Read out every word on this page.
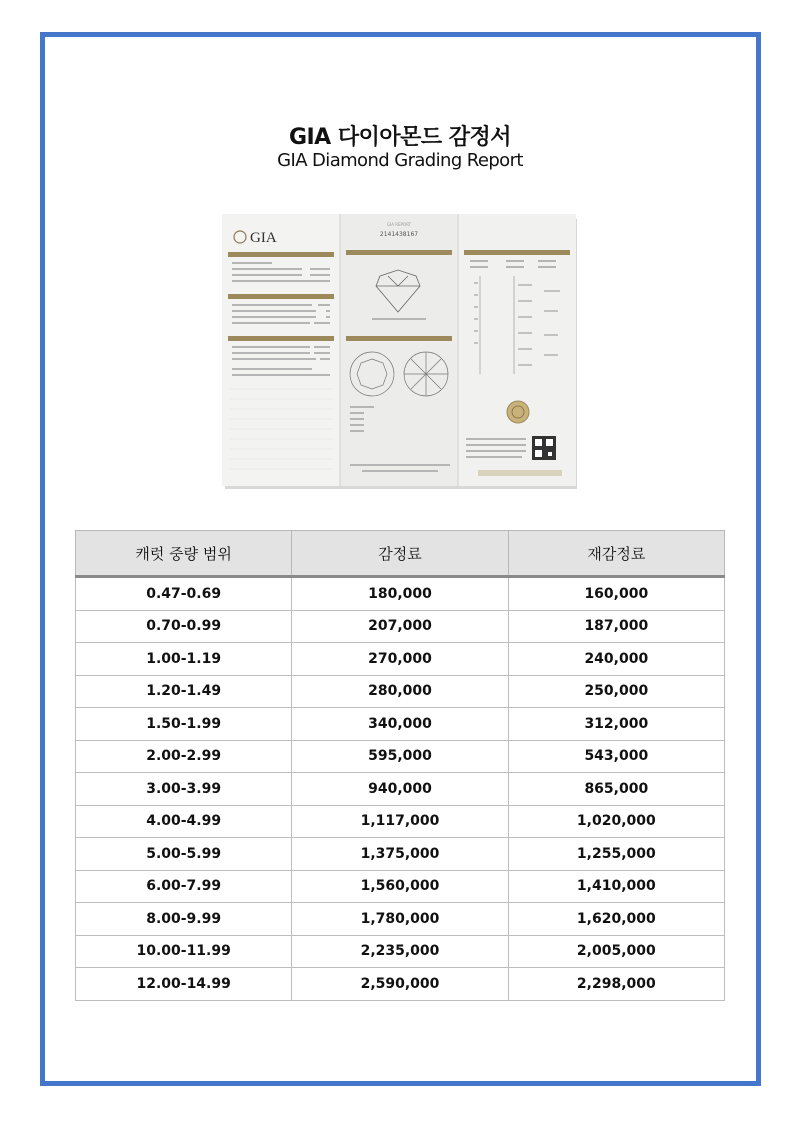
GIA 다이아몬드 감정서
GIA Diamond Grading Report
GIA
GIA REPORT
2141438167
캐럿 중량 범위	감정료	재감정료
0.47-0.69	180,000	160,000
0.70-0.99	207,000	187,000
1.00-1.19	270,000	240,000
1.20-1.49	280,000	250,000
1.50-1.99	340,000	312,000
2.00-2.99	595,000	543,000
3.00-3.99	940,000	865,000
4.00-4.99	1,117,000	1,020,000
5.00-5.99	1,375,000	1,255,000
6.00-7.99	1,560,000	1,410,000
8.00-9.99	1,780,000	1,620,000
10.00-11.99	2,235,000	2,005,000
12.00-14.99	2,590,000	2,298,000
